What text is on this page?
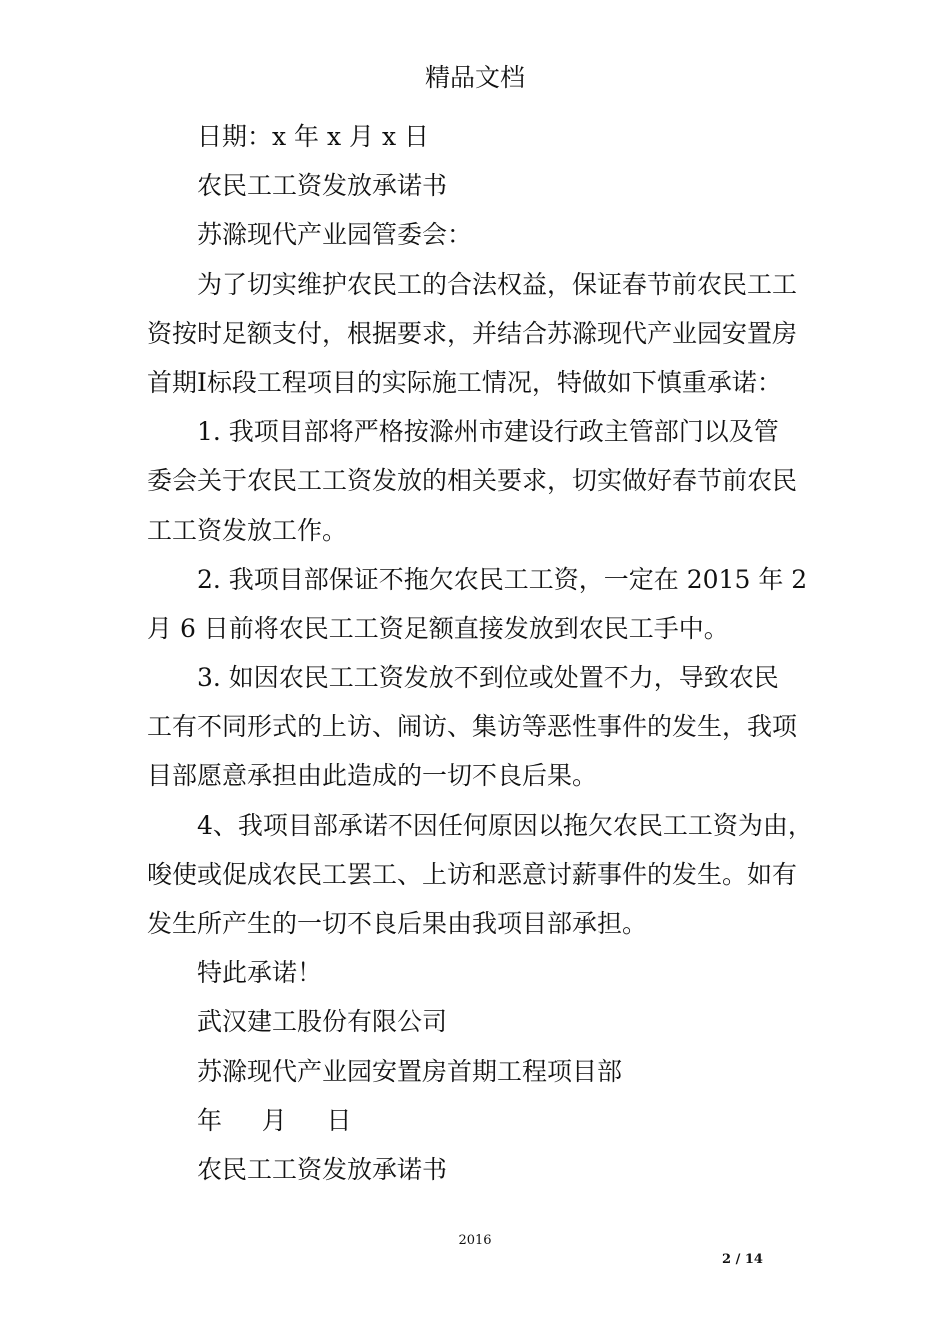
精品文档
日期：x 年 x 月 x 日
农民工工资发放承诺书
苏滁现代产业园管委会：
为了切实维护农民工的合法权益，保证春节前农民工工
资按时足额支付，根据要求，并结合苏滁现代产业园安置房
首期Ⅰ标段工程项目的实际施工情况，特做如下慎重承诺：
1. 我项目部将严格按滁州市建设行政主管部门以及管
委会关于农民工工资发放的相关要求，切实做好春节前农民
工工资发放工作。
2. 我项目部保证不拖欠农民工工资，一定在 2015 年 2
月 6 日前将农民工工资足额直接发放到农民工手中。
3. 如因农民工工资发放不到位或处置不力，导致农民
工有不同形式的上访、闹访、集访等恶性事件的发生，我项
目部愿意承担由此造成的一切不良后果。
4、我项目部承诺不因任何原因以拖欠农民工工资为由，
唆使或促成农民工罢工、上访和恶意讨薪事件的发生。如有
发生所产生的一切不良后果由我项目部承担。
特此承诺！
武汉建工股份有限公司
苏滁现代产业园安置房首期工程项目部
年     月     日
农民工工资发放承诺书
2016
2 / 14
